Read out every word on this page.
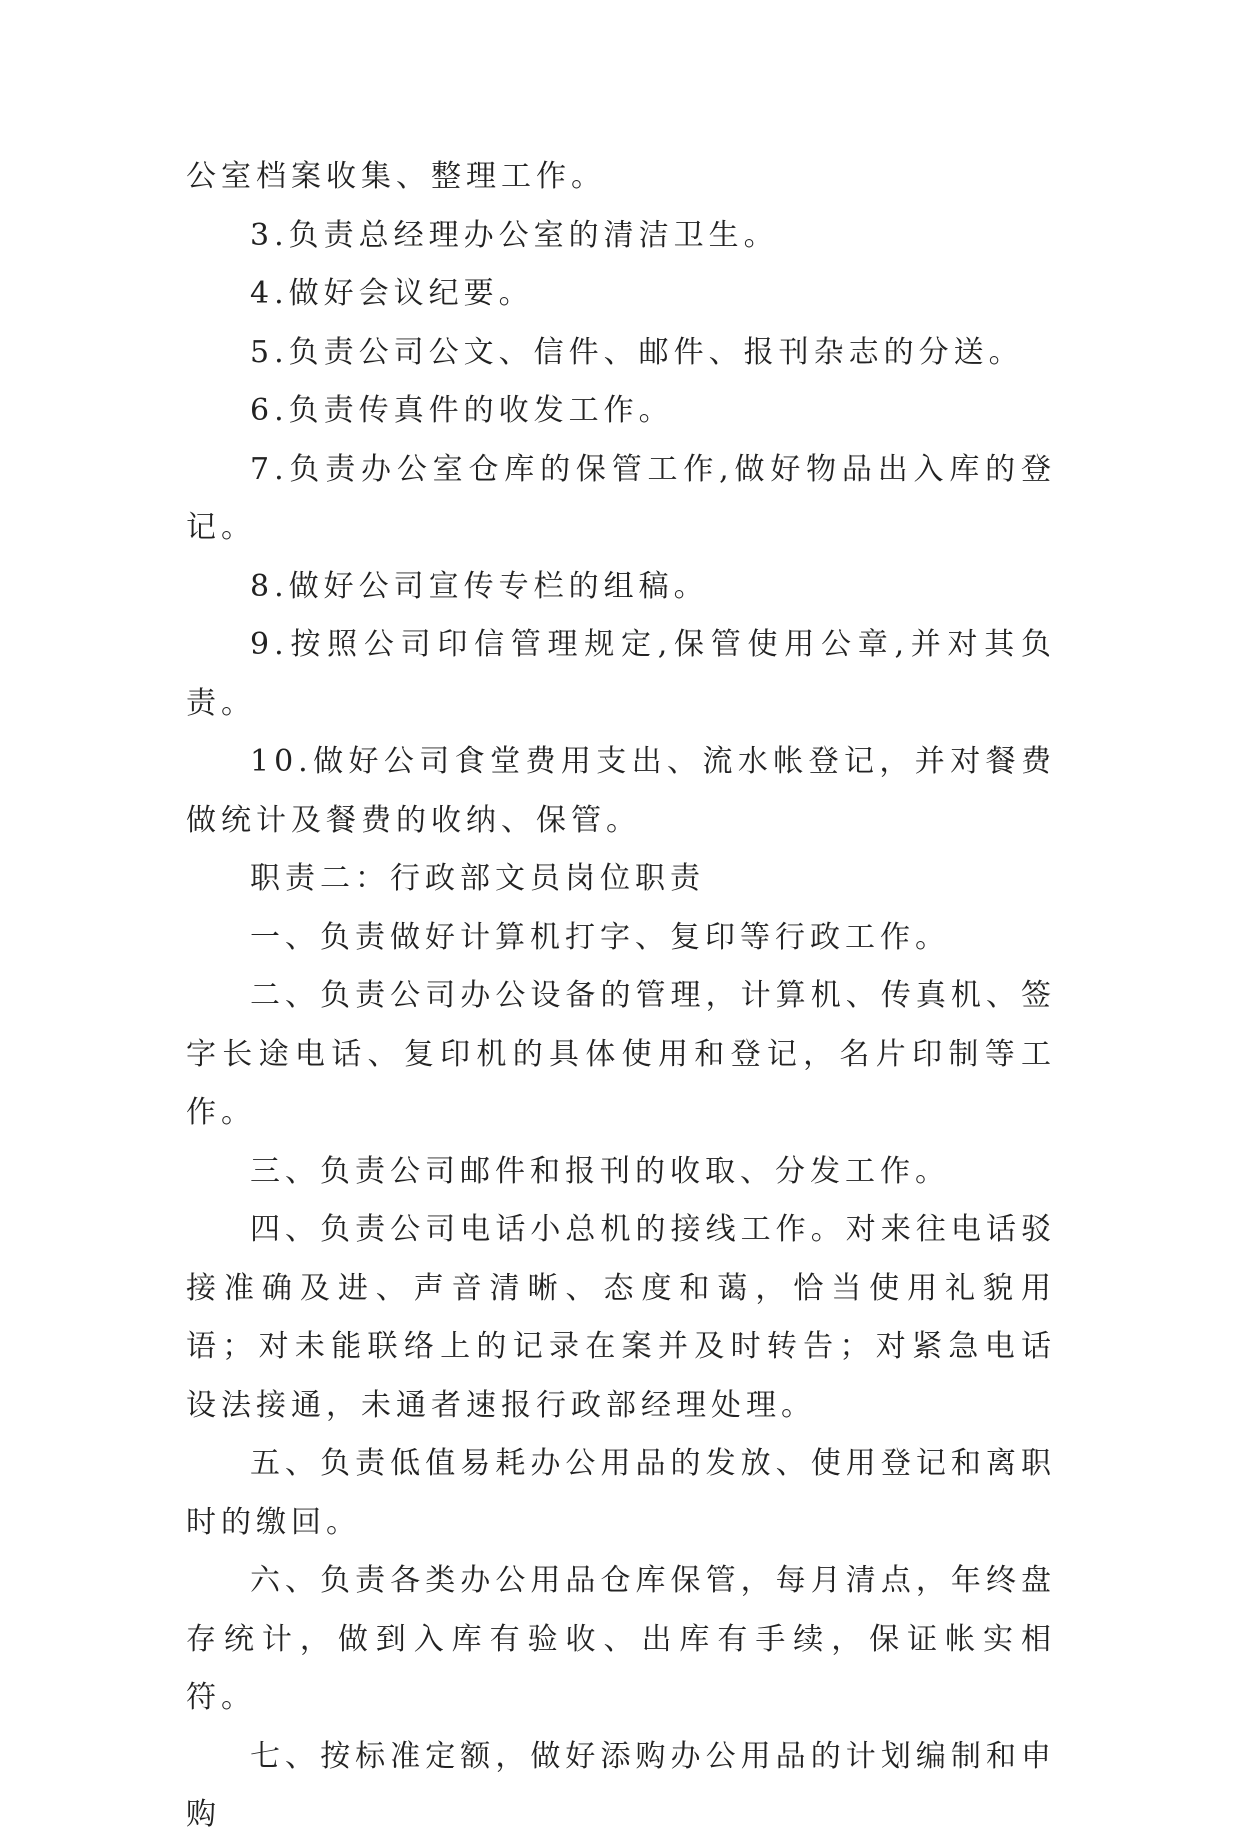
公室档案收集、整理工作。

3.负责总经理办公室的清洁卫生。

4.做好会议纪要。

5.负责公司公文、信件、邮件、报刊杂志的分送。

6.负责传真件的收发工作。

7.负责办公室仓库的保管工作,做好物品出入库的登记。

8.做好公司宣传专栏的组稿。

9.按照公司印信管理规定,保管使用公章,并对其负责。

10.做好公司食堂费用支出、流水帐登记，并对餐费做统计及餐费的收纳、保管。

职责二：行政部文员岗位职责

一、负责做好计算机打字、复印等行政工作。

二、负责公司办公设备的管理，计算机、传真机、签字长途电话、复印机的具体使用和登记，名片印制等工作。

三、负责公司邮件和报刊的收取、分发工作。

四、负责公司电话小总机的接线工作。对来往电话驳接准确及进、声音清晰、态度和蔼，恰当使用礼貌用语；对未能联络上的记录在案并及时转告；对紧急电话设法接通，未通者速报行政部经理处理。

五、负责低值易耗办公用品的发放、使用登记和离职时的缴回。

六、负责各类办公用品仓库保管，每月清点，年终盘存统计，做到入库有验收、出库有手续，保证帐实相符。

七、按标准定额，做好添购办公用品的计划编制和申购
